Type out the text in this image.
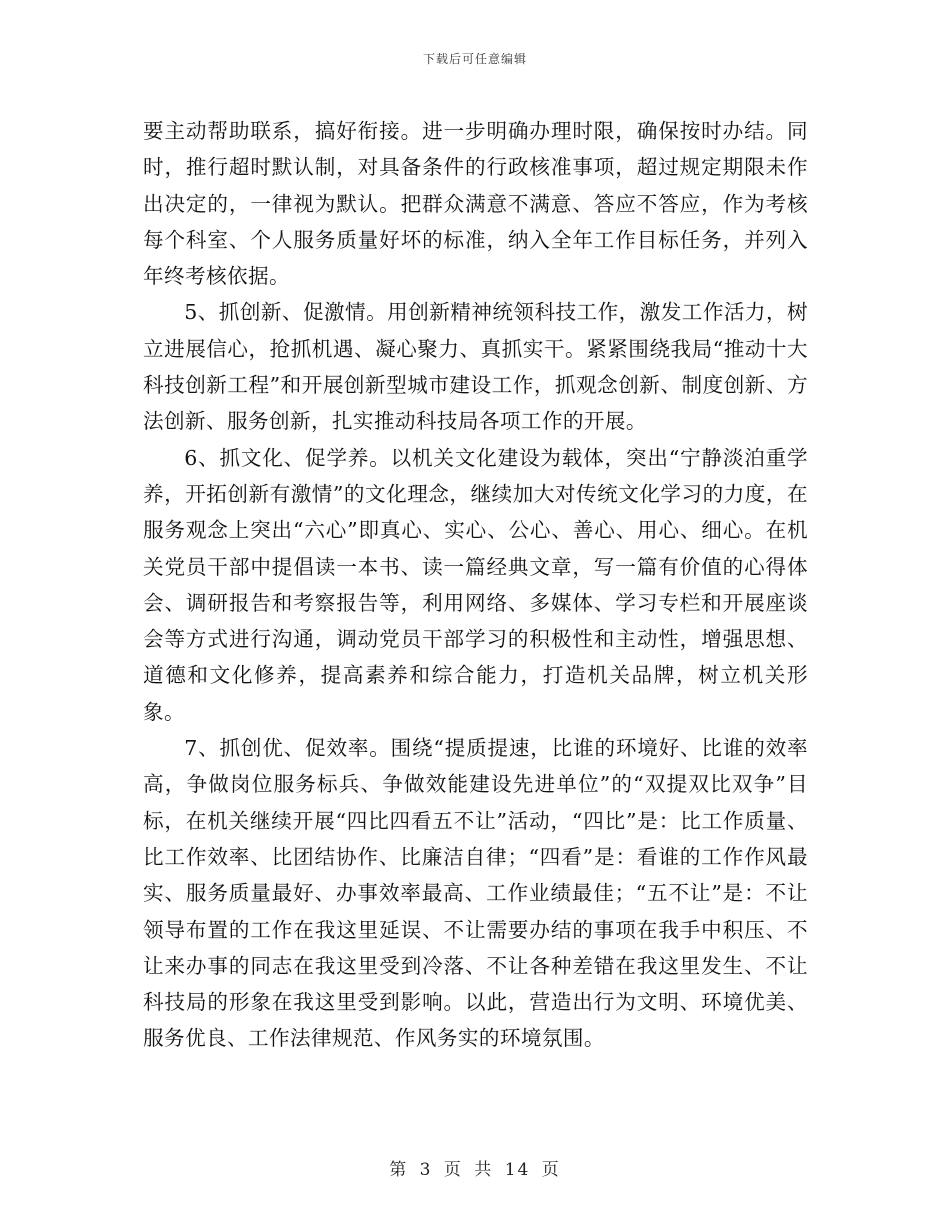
下载后可任意编辑

要主动帮助联系，搞好衔接。进一步明确办理时限，确保按时办结。同时，推行超时默认制，对具备条件的行政核准事项，超过规定期限未作出决定的，一律视为默认。把群众满意不满意、答应不答应，作为考核每个科室、个人服务质量好坏的标准，纳入全年工作目标任务，并列入年终考核依据。

5、抓创新、促激情。用创新精神统领科技工作，激发工作活力，树立进展信心，抢抓机遇、凝心聚力、真抓实干。紧紧围绕我局“推动十大科技创新工程”和开展创新型城市建设工作，抓观念创新、制度创新、方法创新、服务创新，扎实推动科技局各项工作的开展。

6、抓文化、促学养。以机关文化建设为载体，突出“宁静淡泊重学养，开拓创新有激情”的文化理念，继续加大对传统文化学习的力度，在服务观念上突出“六心”即真心、实心、公心、善心、用心、细心。在机关党员干部中提倡读一本书、读一篇经典文章，写一篇有价值的心得体会、调研报告和考察报告等，利用网络、多媒体、学习专栏和开展座谈会等方式进行沟通，调动党员干部学习的积极性和主动性，增强思想、道德和文化修养，提高素养和综合能力，打造机关品牌，树立机关形象。

7、抓创优、促效率。围绕“提质提速，比谁的环境好、比谁的效率高，争做岗位服务标兵、争做效能建设先进单位”的“双提双比双争”目标，在机关继续开展“四比四看五不让”活动，“四比”是：比工作质量、比工作效率、比团结协作、比廉洁自律；“四看”是：看谁的工作作风最实、服务质量最好、办事效率最高、工作业绩最佳；“五不让”是：不让领导布置的工作在我这里延误、不让需要办结的事项在我手中积压、不让来办事的同志在我这里受到冷落、不让各种差错在我这里发生、不让科技局的形象在我这里受到影响。以此，营造出行为文明、环境优美、服务优良、工作法律规范、作风务实的环境氛围。

第 3 页 共 14 页
